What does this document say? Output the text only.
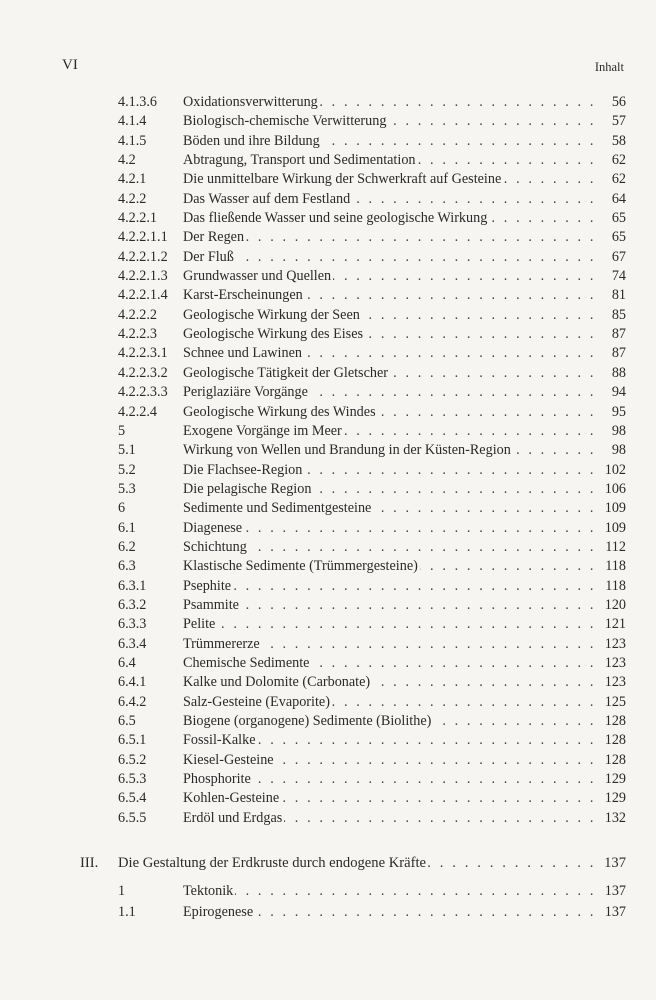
VI	Inhalt
4.1.3.6 Oxidationsverwitterung . . .	56
4.1.4	Biologisch-chemische Verwitterung . . .	57
4.1.5	Böden und ihre Bildung . . .	58
4.2	Abtragung, Transport und Sedimentation . . .	62
4.2.1	Die unmittelbare Wirkung der Schwerkraft auf Gesteine . . .	62
4.2.2	Das Wasser auf dem Festland . . .	64
4.2.2.1 Das fließende Wasser und seine geologische Wirkung . . .	65
4.2.2.1.1 Der Regen . . .	65
4.2.2.1.2 Der Fluß . . .	67
4.2.2.1.3 Grundwasser und Quellen . . .	74
4.2.2.1.4 Karst-Erscheinungen . . .	81
4.2.2.2 Geologische Wirkung der Seen . . .	85
4.2.2.3 Geologische Wirkung des Eises . . .	87
4.2.2.3.1 Schnee und Lawinen . . .	87
4.2.2.3.2 Geologische Tätigkeit der Gletscher . . .	88
4.2.2.3.3 Periglaziäre Vorgänge . . .	94
4.2.2.4 Geologische Wirkung des Windes . . .	95
5	Exogene Vorgänge im Meer . . .	98
5.1	Wirkung von Wellen und Brandung in der Küsten-Region . . .	98
5.2	Die Flachsee-Region . . .	102
5.3	Die pelagische Region . . .	106
6	Sedimente und Sedimentgesteine . . .	109
6.1	Diagenese . . .	109
6.2	Schichtung . . .	112
6.3	Klastische Sedimente (Trümmergesteine) . . .	118
6.3.1	Psephite . . .	118
6.3.2	Psammite . . .	120
6.3.3	Pelite . . .	121
6.3.4	Trümmererze . . .	123
6.4	Chemische Sedimente . . .	123
6.4.1	Kalke und Dolomite (Carbonate) . . .	123
6.4.2	Salz-Gesteine (Evaporite) . . .	125
6.5	Biogene (organogene) Sedimente (Biolithe) . . .	128
6.5.1	Fossil-Kalke . . .	128
6.5.2	Kiesel-Gesteine . . .	128
6.5.3	Phosphorite . . .	129
6.5.4	Kohlen-Gesteine . . .	129
6.5.5	Erdöl und Erdgas . . .	132
III. Die Gestaltung der Erdkruste durch endogene Kräfte . . .	137
1	Tektonik . . .	137
1.1	Epirogenese . . .	137
